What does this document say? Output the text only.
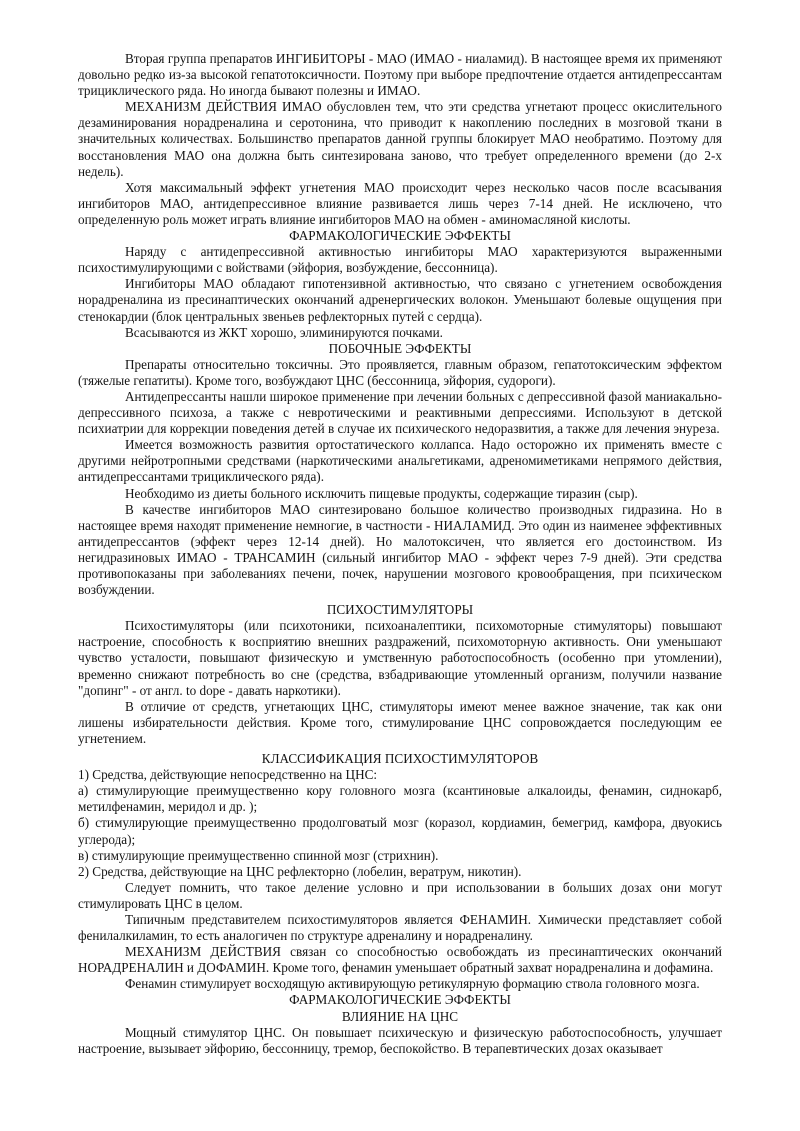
Вторая группа препаратов ИНГИБИТОРЫ - МАО (ИМАО - ниаламид). В настоящее время их применяют довольно редко из-за высокой гепатотоксичности. Поэтому при выборе предпочтение отдается антидепрессантам трициклического ряда. Но иногда бывают полезны и ИМАО.

МЕХАНИЗМ ДЕЙСТВИЯ ИМАО обусловлен тем, что эти средства угнетают процесс окислительного дезаминирования норадреналина и серотонина, что приводит к накоплению последних в мозговой ткани в значительных количествах. Большинство препаратов данной группы блокирует МАО необратимо. Поэтому для восстановления МАО она должна быть синтезирована заново, что требует определенного времени (до 2-х недель).

Хотя максимальный эффект угнетения МАО происходит через несколько часов после всасывания ингибиторов МАО, антидепрессивное влияние развивается лишь через 7-14 дней. Не исключено, что определенную роль может играть влияние ингибиторов МАО на обмен - аминомасляной кислоты.

ФАРМАКОЛОГИЧЕСКИЕ ЭФФЕКТЫ

Наряду с антидепрессивной активностью ингибиторы МАО характеризуются выраженными психостимулирующими с войствами (эйфория, возбуждение, бессонница).

Ингибиторы МАО обладают гипотензивной активностью, что связано с угнетением освобождения норадреналина из пресинаптических окончаний адренергических волокон. Уменьшают болевые ощущения при стенокардии (блок центральных звеньев рефлекторных путей с сердца).

Всасываются из ЖКТ хорошо, элиминируются почками.

ПОБОЧНЫЕ ЭФФЕКТЫ

Препараты относительно токсичны. Это проявляется, главным образом, гепатотоксическим эффектом (тяжелые гепатиты). Кроме того, возбуждают ЦНС (бессонница, эйфория, судороги).

Антидепрессанты нашли широкое применение при лечении больных с депрессивной фазой маниакально-депрессивного психоза, а также с невротическими и реактивными депрессиями. Используют в детской психиатрии для коррекции поведения детей в случае их психического недоразвития, а также для лечения энуреза.

Имеется возможность развития ортостатического коллапса. Надо осторожно их применять вместе с другими нейротропными средствами (наркотическими анальгетиками, адреномиметиками непрямого действия, антидепрессантами трициклического ряда).

Необходимо из диеты больного исключить пищевые продукты, содержащие тиразин (сыр).

В качестве ингибиторов МАО синтезировано большое количество производных гидразина. Но в настоящее время находят применение немногие, в частности - НИАЛАМИД. Это один из наименее эффективных антидепрессантов (эффект через 12-14 дней). Но малотоксичен, что является его достоинством. Из негидразиновых ИМАО - ТРАНСАМИН (сильный ингибитор МАО - эффект через 7-9 дней). Эти средства противопоказаны при заболеваниях печени, почек, нарушении мозгового кровообращения, при психическом возбуждении.

ПСИХОСТИМУЛЯТОРЫ

Психостимуляторы (или психотоники, психоаналептики, психомоторные стимуляторы) повышают настроение, способность к восприятию внешних раздражений, психомоторную активность. Они уменьшают чувство усталости, повышают физическую и умственную работоспособность (особенно при утомлении), временно снижают потребность во сне (средства, взбадривающие утомленный организм, получили название "допинг" - от англ. to dope - давать наркотики).

В отличие от средств, угнетающих ЦНС, стимуляторы имеют менее важное значение, так как они лишены избирательности действия. Кроме того, стимулирование ЦНС сопровождается последующим ее угнетением.

КЛАССИФИКАЦИЯ ПСИХОСТИМУЛЯТОРОВ

1) Средства, действующие непосредственно на ЦНС:

а) стимулирующие преимущественно кору головного мозга (ксантиновые алкалоиды, фенамин, сиднокарб, метилфенамин, меридол и др. );

б) стимулирующие преимущественно продолговатый мозг (коразол, кордиамин, бемегрид, камфора, двуокись углерода);

в) стимулирующие преимущественно спинной мозг (стрихнин).

2) Средства, действующие на ЦНС рефлекторно (лобелин, вератрум, никотин).

Следует помнить, что такое деление условно и при использовании в больших дозах они могут стимулировать ЦНС в целом.

Типичным представителем психостимуляторов является ФЕНАМИН. Химически представляет собой фенилалкиламин, то есть аналогичен по структуре адреналину и норадреналину.

МЕХАНИЗМ ДЕЙСТВИЯ связан со способностью освобождать из пресинаптических окончаний НОРАДРЕНАЛИН и ДОФАМИН. Кроме того, фенамин уменьшает обратный захват норадреналина и дофамина.

Фенамин стимулирует восходящую активирующую ретикулярную формацию ствола головного мозга.

ФАРМАКОЛОГИЧЕСКИЕ ЭФФЕКТЫ

ВЛИЯНИЕ НА ЦНС

Мощный стимулятор ЦНС. Он повышает психическую и физическую работоспособность, улучшает настроение, вызывает эйфорию, бессонницу, тремор, беспокойство. В терапевтических дозах оказывает
